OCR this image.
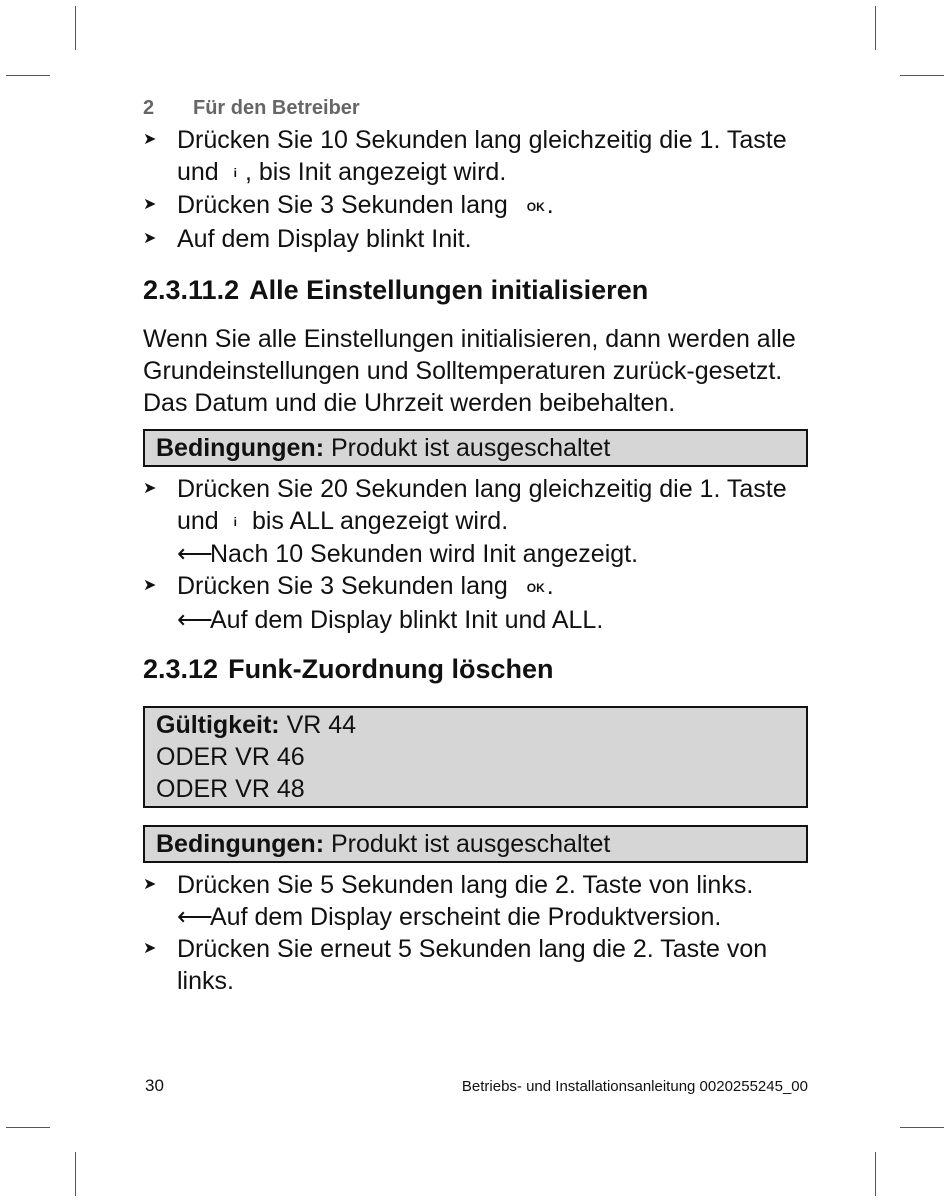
2 Für den Betreiber
➤ Drücken Sie 10 Sekunden lang gleichzeitig die 1. Taste und i , bis Init angezeigt wird.
➤ Drücken Sie 3 Sekunden lang OK.
➤ Auf dem Display blinkt Init.
2.3.11.2 Alle Einstellungen initialisieren

Wenn Sie alle Einstellungen initialisieren, dann werden alle Grundeinstellungen und Solltemperaturen zurück-gesetzt.

Das Datum und die Uhrzeit werden beibehalten.

Bedingungen: Produkt ist ausgeschaltet
➤ Drücken Sie 20 Sekunden lang gleichzeitig die 1. Taste und i bis ALL angezeigt wird.
⟵Nach 10 Sekunden wird Init angezeigt.
➤ Drücken Sie 3 Sekunden lang OK.
⟵Auf dem Display blinkt Init und ALL.
2.3.12 Funk-Zuordnung löschen
Gültigkeit: VR 44
ODER VR 46
ODER VR 48
Bedingungen: Produkt ist ausgeschaltet
➤ Drücken Sie 5 Sekunden lang die 2. Taste von links.
⟵Auf dem Display erscheint die Produktversion.
➤ Drücken Sie erneut 5 Sekunden lang die 2. Taste von links.
30	Betriebs- und Installationsanleitung 0020255245_00
